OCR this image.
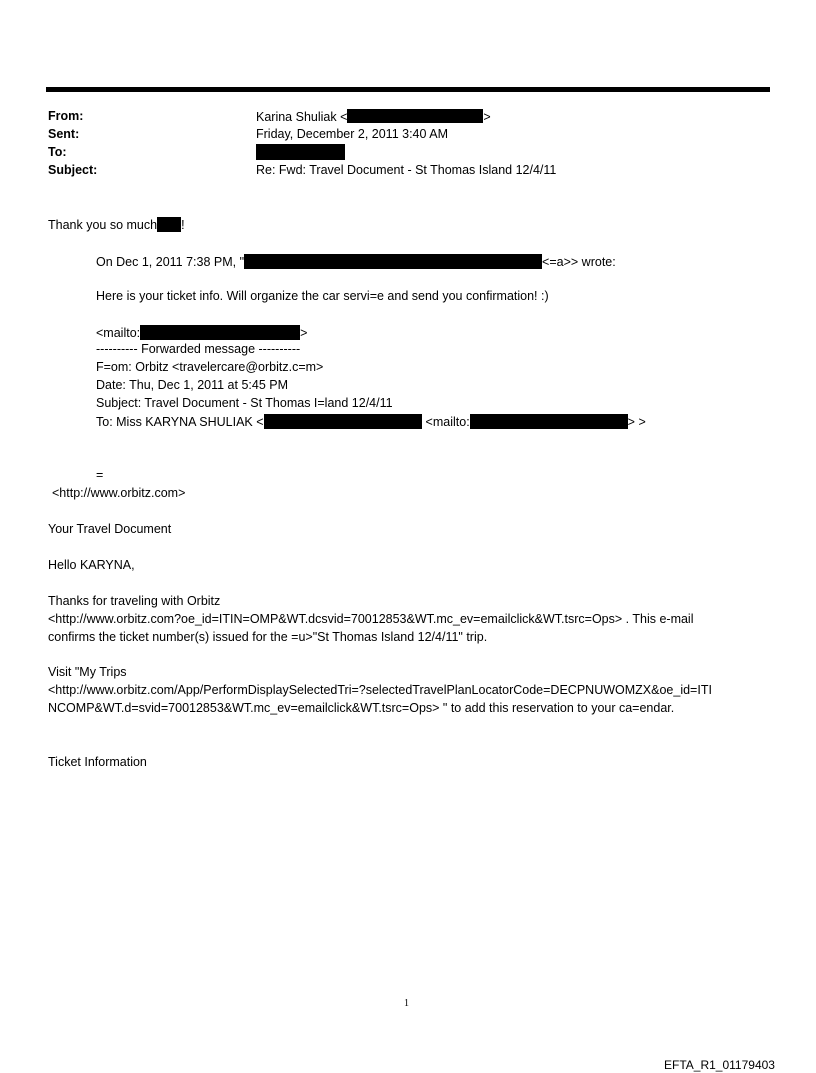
From:	Karina Shuliak <	>
Sent:	Friday, December 2, 2011 3:40 AM
To:
Subject:	Re: Fwd: Travel Document - St Thomas Island 12/4/11
Thank you so much !
On Dec 1, 2011 7:38 PM, "	<=a>> wrote:
Here is your ticket info. Will organize the car servi=e and send you confirmation! :)
<mailto:	>
---------- Forwarded message ----------
F=om: Orbitz <travelercare@orbitz.c=m>
Date: Thu, Dec 1, 2011 at 5:45 PM
Subject: Travel Document - St Thomas I=land 12/4/11
To: Miss KARYNA SHULIAK <	<mailto:	> >
=
<http://www.orbitz.com>
Your Travel Document
Hello KARYNA,
Thanks for traveling with Orbitz
<http://www.orbitz.com?oe_id=ITIN=OMP&WT.dcsvid=70012853&WT.mc_ev=emailclick&WT.tsrc=Ops> . This e-mail
confirms the ticket number(s) issued for the =u>"St Thomas Island 12/4/11" trip.
Visit "My Trips
<http://www.orbitz.com/App/PerformDisplaySelectedTri=?selectedTravelPlanLocatorCode=DECPNUWOMZX&oe_id=ITI
NCOMP&WT.d=svid=70012853&WT.mc_ev=emailclick&WT.tsrc=Ops> " to add this reservation to your ca=endar.
Ticket Information
1
EFTA_R1_01179403
